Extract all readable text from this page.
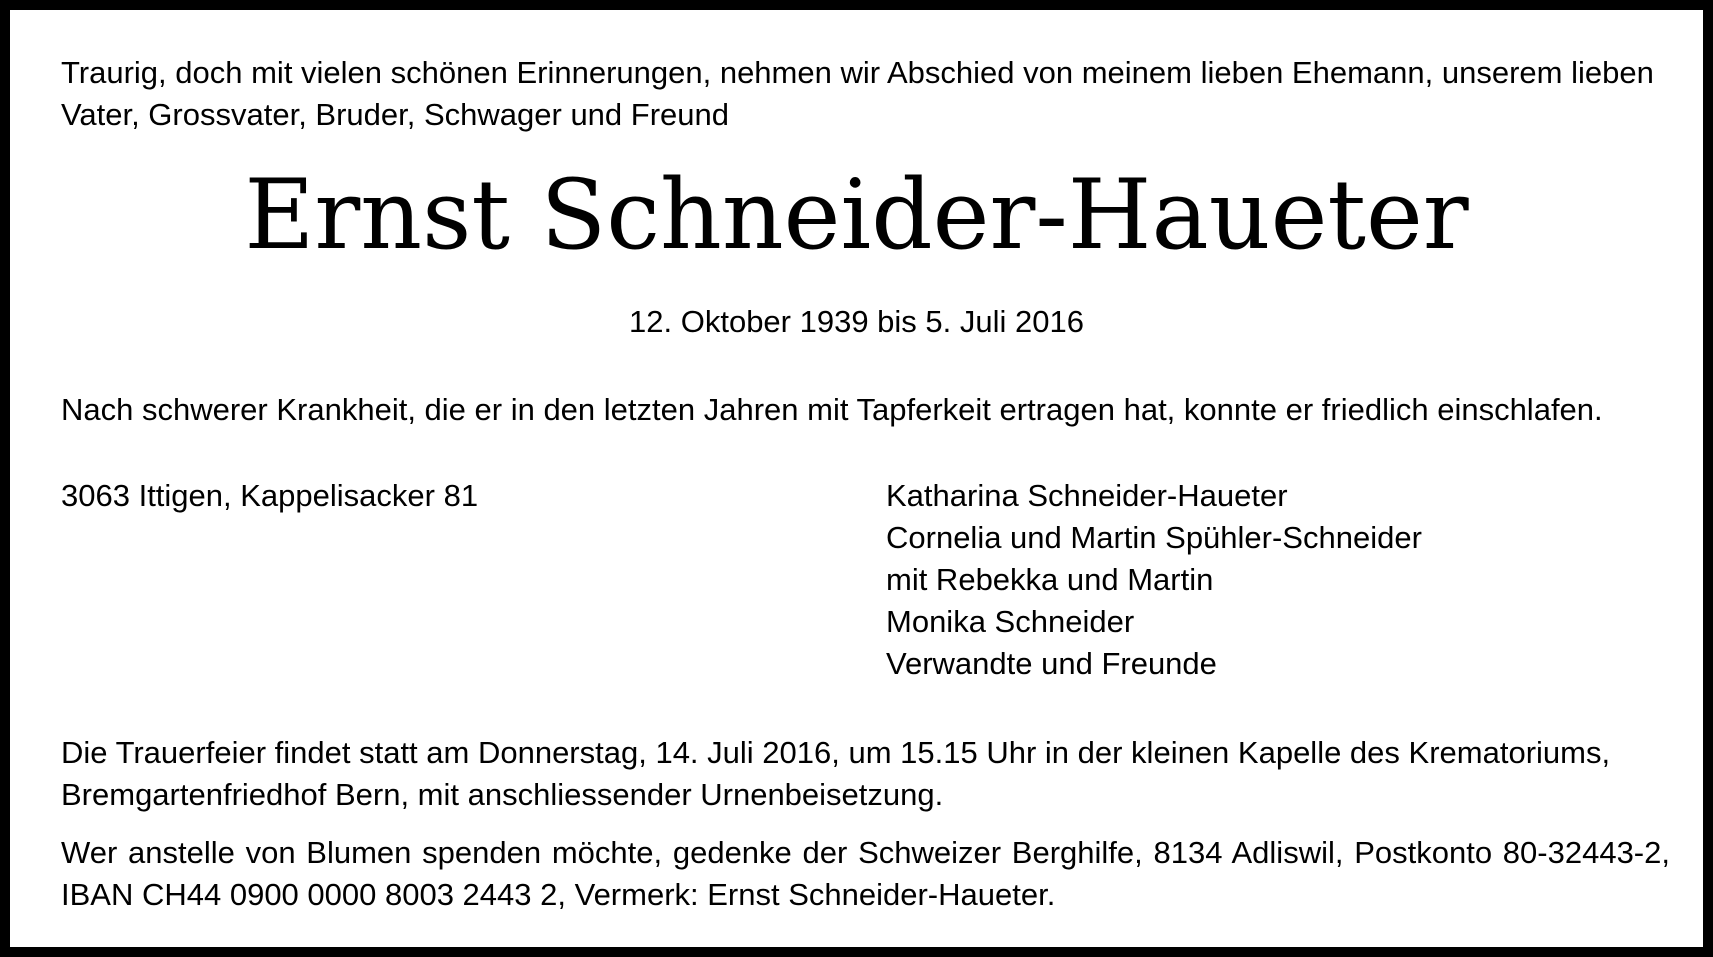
Traurig, doch mit vielen schönen Erinnerungen, nehmen wir Abschied von meinem lieben Ehemann, unserem lieben Vater, Grossvater, Bruder, Schwager und Freund

Ernst Schneider-Haueter

12. Oktober 1939 bis 5. Juli 2016

Nach schwerer Krankheit, die er in den letzten Jahren mit Tapferkeit ertragen hat, konnte er friedlich einschlafen.

3063 Ittigen, Kappelisacker 81	Katharina Schneider-Haueter
Cornelia und Martin Spühler-Schneider
mit Rebekka und Martin
Monika Schneider
Verwandte und Freunde

Die Trauerfeier findet statt am Donnerstag, 14. Juli 2016, um 15.15 Uhr in der kleinen Kapelle des Krematoriums, Bremgartenfriedhof Bern, mit anschliessender Urnenbeisetzung.

Wer anstelle von Blumen spenden möchte, gedenke der Schweizer Berghilfe, 8134 Adliswil, Postkonto 80-32443-2, IBAN CH44 0900 0000 8003 2443 2, Vermerk: Ernst Schneider-Haueter.
